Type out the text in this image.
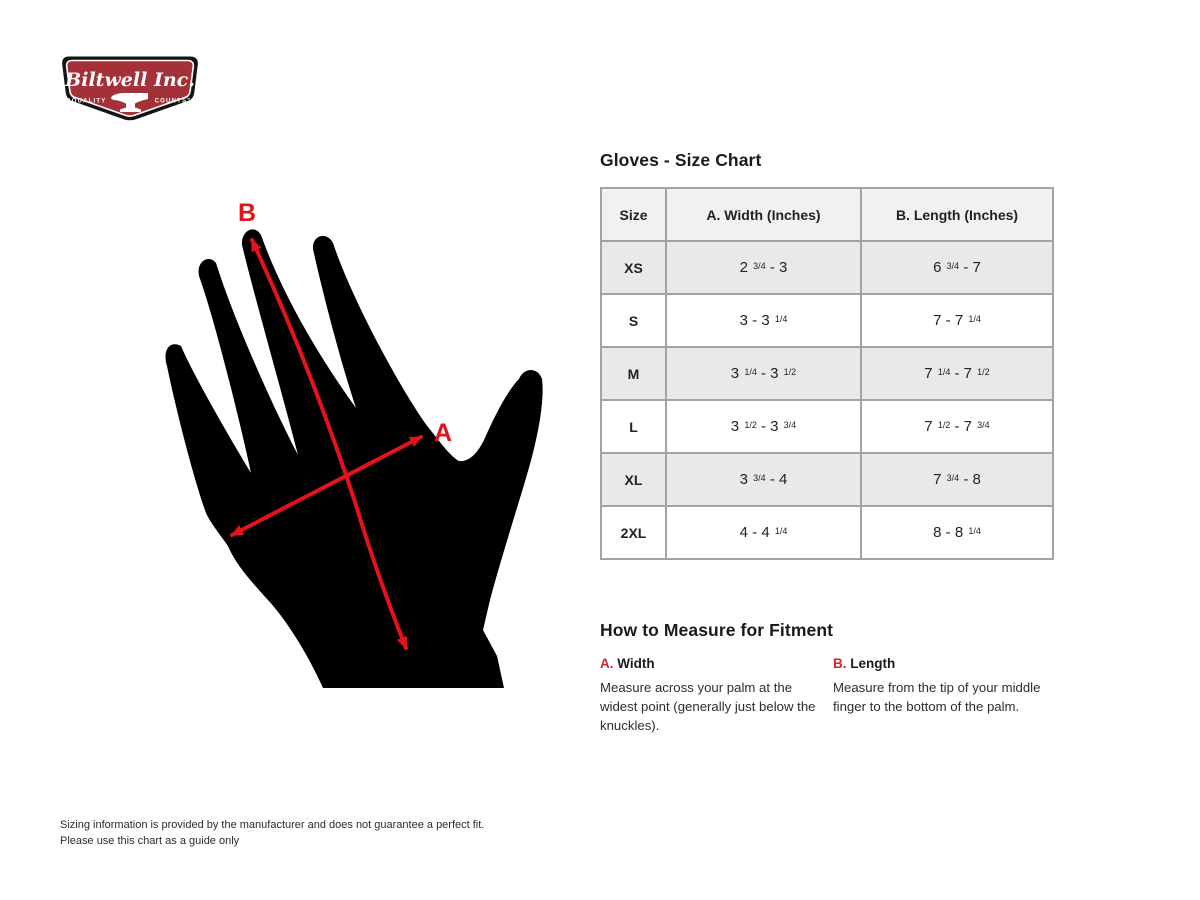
Biltwell Inc.
“QUALITY	COUNTS”
B
A
Gloves - Size Chart
Size	A. Width (Inches)	B. Length (Inches)
XS	2 3/4 - 3	6 3/4 - 7
S	3 - 3 1/4	7 - 7 1/4
M	3 1/4 - 3 1/2	7 1/4 - 7 1/2
L	3 1/2 - 3 3/4	7 1/2 - 7 3/4
XL	3 3/4 - 4	7 3/4 - 8
2XL	4 - 4 1/4	8 - 8 1/4
How to Measure for Fitment
A. Width
Measure across your palm at the widest point (generally just below the knuckles).
B. Length
Measure from the tip of your middle finger to the bottom of the palm.
Sizing information is provided by the manufacturer and does not guarantee a perfect fit.
Please use this chart as a guide only
